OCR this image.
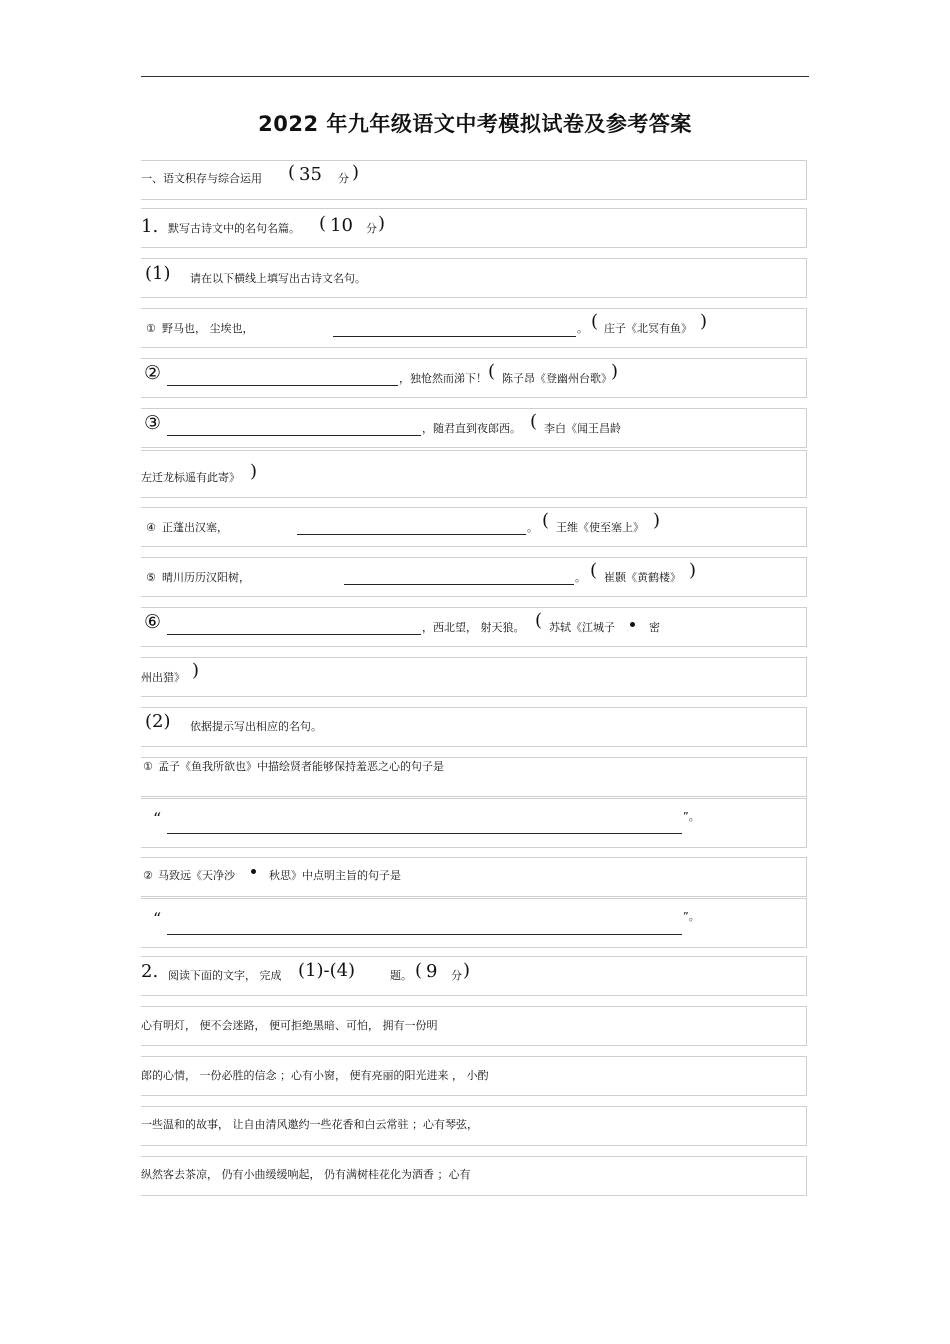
2022 年九年级语文中考模拟试卷及参考答案
一、语文积存与综合运用 ( 35 分 )
1. 默写古诗文中的名句名篇。 ( 10 分 )
(1) 请在以下横线上填写出古诗文名句。
① 野马也， 尘埃也，	。 ( 庄子《北冥有鱼》 )
②	，独怆然而涕下！ ( 陈子昂《登幽州台歌》 )
③	，随君直到夜郎西。 ( 李白《闻王昌龄
左迁龙标遥有此寄》 )
④ 正蓬出汉塞，	。 ( 王维《使至塞上》 )
⑤ 晴川历历汉阳树，	。 ( 崔颢《黄鹤楼》 )
⑥	，西北望， 射天狼。 ( 苏轼《江城子	密
州出猎》 )
(2) 依据提示写出相应的名句。
① 孟子《鱼我所欲也》中描绘贤者能够保持羞恶之心的句子是
“	”。
② 马致远《天净沙	秋思》中点明主旨的句子是
“	”。
2. 阅读下面的文字， 完成 (1)-(4)	题。 ( 9 分 )
心有明灯， 便不会迷路， 便可拒绝黑暗、可怕， 拥有一份明
郎的心情， 一份必胜的信念 ；心有小窗， 便有亮丽的阳光进来 ， 小酌
一些温和的故事， 让自由清风邀约一些花香和白云常驻 ；心有琴弦，
纵然客去茶凉， 仍有小曲缓缓响起， 仍有满树桂花化为酒香 ；心有
